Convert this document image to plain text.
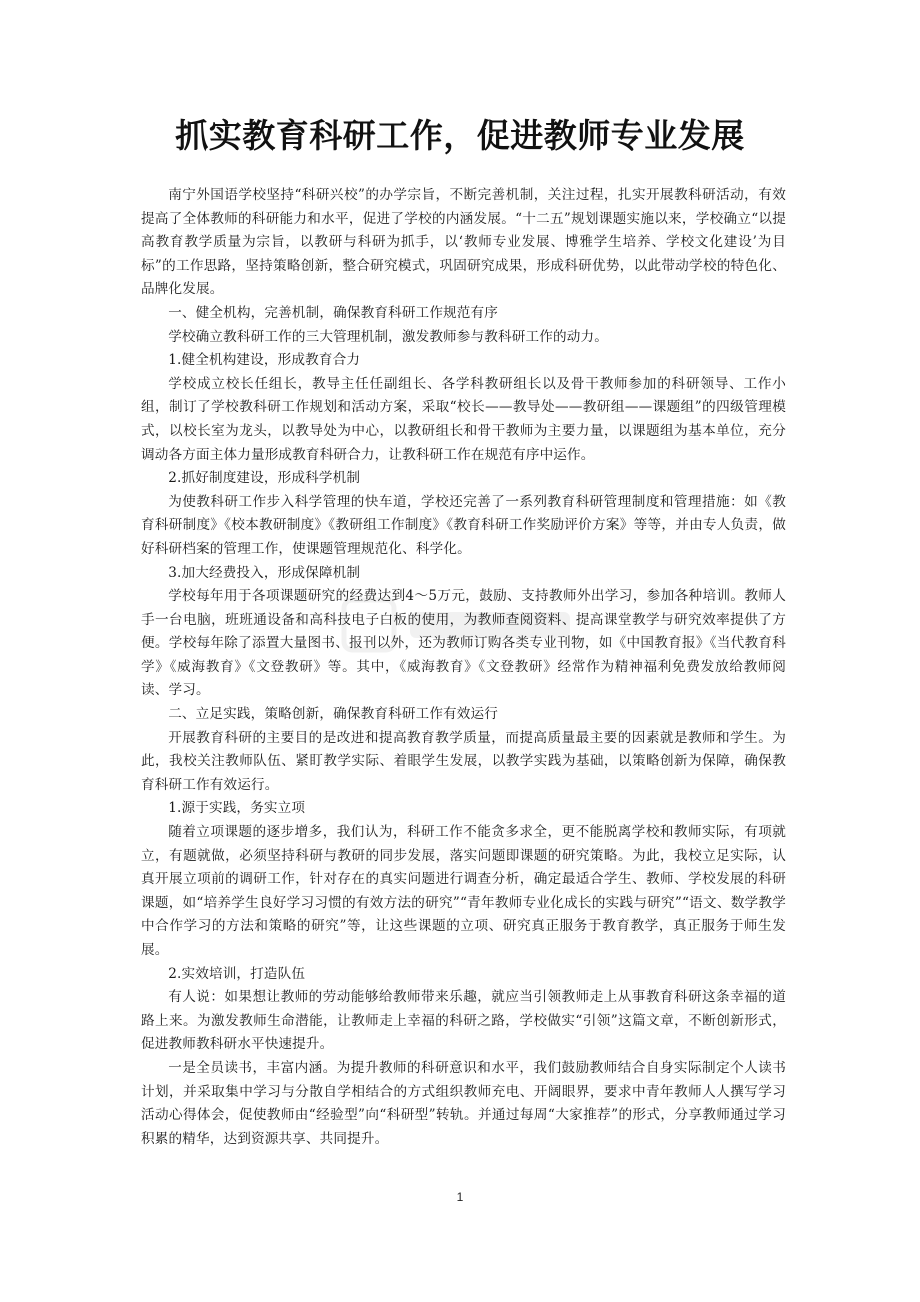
抓实教育科研工作，促进教师专业发展

南宁外国语学校坚持“科研兴校”的办学宗旨，不断完善机制，关注过程，扎实开展教科研活动，有效提高了全体教师的科研能力和水平，促进了学校的内涵发展。“十二五”规划课题实施以来，学校确立“以提高教育教学质量为宗旨，以教研与科研为抓手，以‘教师专业发展、博雅学生培养、学校文化建设’为目标”的工作思路，坚持策略创新，整合研究模式，巩固研究成果，形成科研优势，以此带动学校的特色化、品牌化发展。

一、健全机构，完善机制，确保教育科研工作规范有序

学校确立教科研工作的三大管理机制，激发教师参与教科研工作的动力。

1.健全机构建设，形成教育合力

学校成立校长任组长，教导主任任副组长、各学科教研组长以及骨干教师参加的科研领导、工作小组，制订了学校教科研工作规划和活动方案，采取“校长——教导处——教研组——课题组”的四级管理模式，以校长室为龙头，以教导处为中心，以教研组长和骨干教师为主要力量，以课题组为基本单位，充分调动各方面主体力量形成教育科研合力，让教科研工作在规范有序中运作。

2.抓好制度建设，形成科学机制

为使教科研工作步入科学管理的快车道，学校还完善了一系列教育科研管理制度和管理措施：如《教育科研制度》《校本教研制度》《教研组工作制度》《教育科研工作奖励评价方案》等等，并由专人负责，做好科研档案的管理工作，使课题管理规范化、科学化。

3.加大经费投入，形成保障机制

学校每年用于各项课题研究的经费达到4～5万元，鼓励、支持教师外出学习，参加各种培训。教师人手一台电脑，班班通设备和高科技电子白板的使用，为教师查阅资料、提高课堂教学与研究效率提供了方便。学校每年除了添置大量图书、报刊以外，还为教师订购各类专业刊物，如《中国教育报》《当代教育科学》《威海教育》《文登教研》等。其中，《威海教育》《文登教研》经常作为精神福利免费发放给教师阅读、学习。

二、立足实践，策略创新，确保教育科研工作有效运行

开展教育科研的主要目的是改进和提高教育教学质量，而提高质量最主要的因素就是教师和学生。为此，我校关注教师队伍、紧盯教学实际、着眼学生发展，以教学实践为基础，以策略创新为保障，确保教育科研工作有效运行。

1.源于实践，务实立项

随着立项课题的逐步增多，我们认为，科研工作不能贪多求全，更不能脱离学校和教师实际，有项就立，有题就做，必须坚持科研与教研的同步发展，落实问题即课题的研究策略。为此，我校立足实际，认真开展立项前的调研工作，针对存在的真实问题进行调查分析，确定最适合学生、教师、学校发展的科研课题，如“培养学生良好学习习惯的有效方法的研究”“青年教师专业化成长的实践与研究”“语文、数学教学中合作学习的方法和策略的研究”等，让这些课题的立项、研究真正服务于教育教学，真正服务于师生发展。

2.实效培训，打造队伍

有人说：如果想让教师的劳动能够给教师带来乐趣，就应当引领教师走上从事教育科研这条幸福的道路上来。为激发教师生命潜能，让教师走上幸福的科研之路，学校做实“引领”这篇文章，不断创新形式，促进教师教科研水平快速提升。

一是全员读书，丰富内涵。为提升教师的科研意识和水平，我们鼓励教师结合自身实际制定个人读书计划，并采取集中学习与分散自学相结合的方式组织教师充电、开阔眼界，要求中青年教师人人撰写学习活动心得体会，促使教师由“经验型”向“科研型”转轨。并通过每周“大家推荐”的形式，分享教师通过学习积累的精华，达到资源共享、共同提升。

1
